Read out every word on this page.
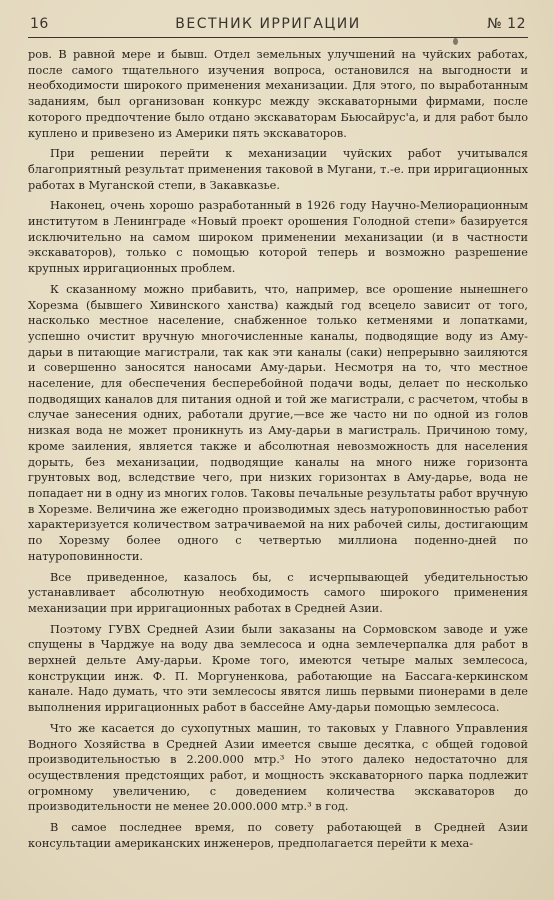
16	ВЕСТНИК ИРРИГАЦИИ	№ 12

ров. В равной мере и бывш. Отдел земельных улучшений на чуйских работах, после самого тщательного изучения вопроса, остановился на выгодности и необходимости широкого применения механизации. Для этого, по выработанным заданиям, был организован конкурс между экскаваторными фирмами, после которого предпочтение было отдано экскаваторам Бьюсайрус'а, и для работ было куплено и привезено из Америки пять экскаваторов.

При решении перейти к механизации чуйских работ учитывался благоприятный результат применения таковой в Мугани, т.-е. при ирригационных работах в Муганской степи, в Закавказье.

Наконец, очень хорошо разработанный в 1926 году Научно-Мелиорационным институтом в Ленинграде «Новый проект орошения Голодной степи» базируется исключительно на самом широком применении механизации (и в частности экскаваторов), только с помощью которой теперь и возможно разрешение крупных ирригационных проблем.

К сказанному можно прибавить, что, например, все орошение нынешнего Хорезма (бывшего Хивинского ханства) каждый год всецело зависит от того, насколько местное население, снабженное только кетменями и лопатками, успешно очистит вручную многочисленные каналы, подводящие воду из Аму-дарьи в питающие магистрали, так как эти каналы (саки) непрерывно заиляются и совершенно заносятся наносами Аму-дарьи. Несмотря на то, что местное население, для обеспечения бесперебойной подачи воды, делает по несколько подводящих каналов для питания одной и той же магистрали, с расчетом, чтобы в случае занесения одних, работали другие,—все же часто ни по одной из голов низкая вода не может проникнуть из Аму-дарьи в магистраль. Причиною тому, кроме заиления, является также и абсолютная невозможность для населения дорыть, без механизации, подводящие каналы на много ниже горизонта грунтовых вод, вследствие чего, при низких горизонтах в Аму-дарье, вода не попадает ни в одну из многих голов. Таковы печальные результаты работ вручную в Хорезме. Величина же ежегодно производимых здесь натуроповинностью работ характеризуется количеством затрачиваемой на них рабочей силы, достигающим по Хорезму более одного с четвертью миллиона поденно-дней по натуроповинности.

Все приведенное, казалось бы, с исчерпывающей убедительностью устанавливает абсолютную необходимость самого широкого применения механизации при ирригационных работах в Средней Азии.

Поэтому ГУВХ Средней Азии были заказаны на Сормовском заводе и уже спущены в Чарджуе на воду два землесоса и одна землечерпалка для работ в верхней дельте Аму-дарьи. Кроме того, имеются четыре малых землесоса, конструкции инж. Ф. П. Моргуненкова, работающие на Бассага-керкинском канале. Надо думать, что эти землесосы явятся лишь первыми пионерами в деле выполнения ирригационных работ в бассейне Аму-дарьи помощью землесоса.

Что же касается до сухопутных машин, то таковых у Главного Управления Водного Хозяйства в Средней Азии имеется свыше десятка, с общей годовой производительностью в 2.200.000 мтр.³ Но этого далеко недостаточно для осуществления предстоящих работ, и мощность экскаваторного парка подлежит огромному увеличению, с доведением количества экскаваторов до производительности не менее 20.000.000 мтр.³ в год.

В самое последнее время, по совету работающей в Средней Азии консультации американских инженеров, предполагается перейти к меха-
